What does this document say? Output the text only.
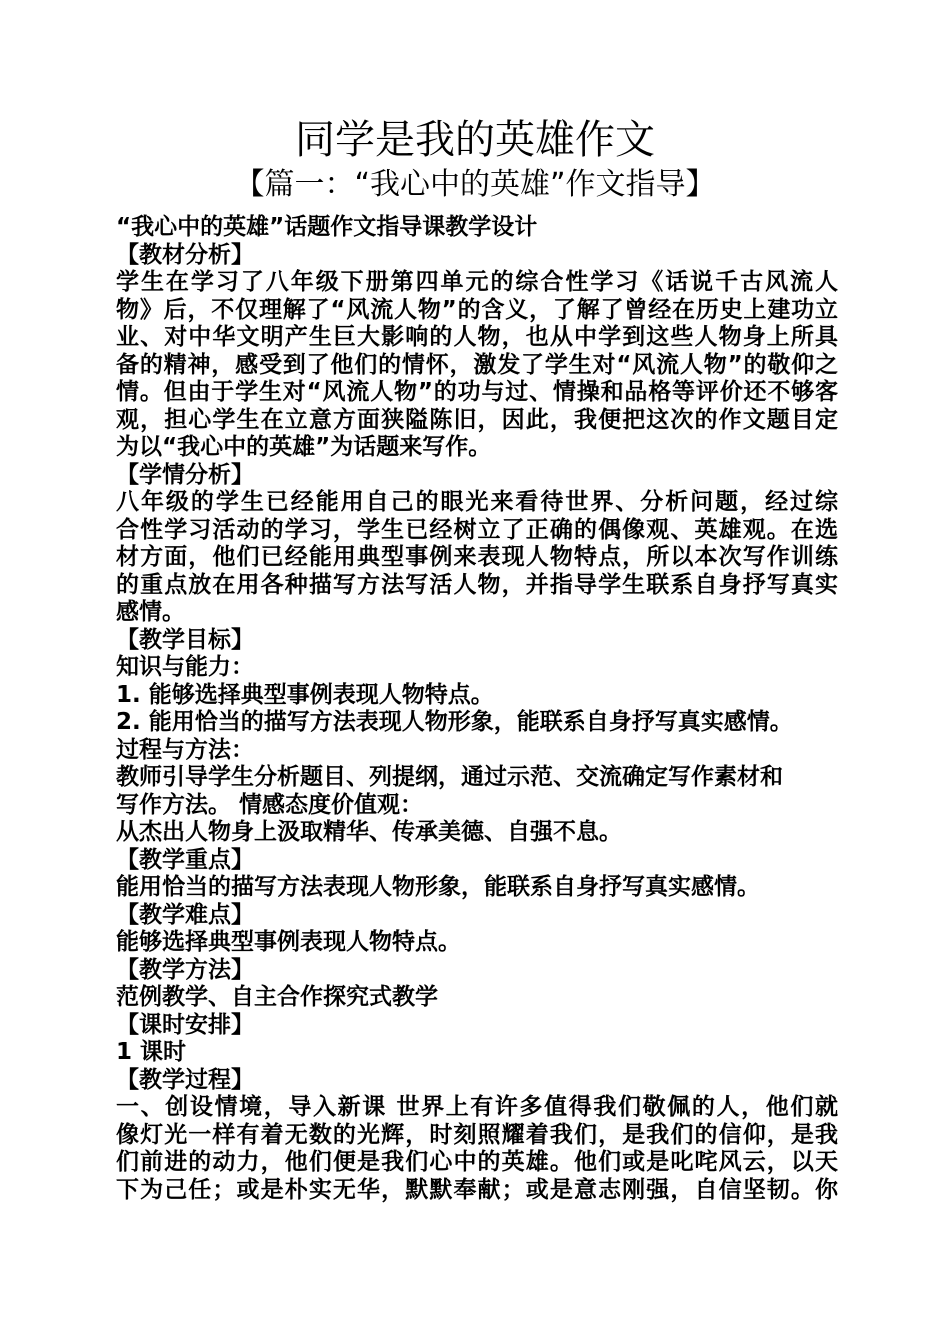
同学是我的英雄作文
【篇一：“我心中的英雄”作文指导】
“我心中的英雄”话题作文指导课教学设计
【教材分析】
学生在学习了八年级下册第四单元的综合性学习《话说千古风流人
物》后，不仅理解了“风流人物”的含义，了解了曾经在历史上建功立
业、对中华文明产生巨大影响的人物，也从中学到这些人物身上所具
备的精神，感受到了他们的情怀，激发了学生对“风流人物”的敬仰之
情。但由于学生对“风流人物”的功与过、情操和品格等评价还不够客
观，担心学生在立意方面狭隘陈旧，因此，我便把这次的作文题目定
为以“我心中的英雄”为话题来写作。
【学情分析】
八年级的学生已经能用自己的眼光来看待世界、分析问题，经过综
合性学习活动的学习，学生已经树立了正确的偶像观、英雄观。在选
材方面，他们已经能用典型事例来表现人物特点，所以本次写作训练
的重点放在用各种描写方法写活人物，并指导学生联系自身抒写真实
感情。
【教学目标】
知识与能力：
1. 能够选择典型事例表现人物特点。
2. 能用恰当的描写方法表现人物形象，能联系自身抒写真实感情。
过程与方法：
教师引导学生分析题目、列提纲，通过示范、交流确定写作素材和
写作方法。 情感态度价值观：
从杰出人物身上汲取精华、传承美德、自强不息。
【教学重点】
能用恰当的描写方法表现人物形象，能联系自身抒写真实感情。
【教学难点】
能够选择典型事例表现人物特点。
【教学方法】
范例教学、自主合作探究式教学
【课时安排】
1 课时
【教学过程】
一、创设情境，导入新课 世界上有许多值得我们敬佩的人，他们就
像灯光一样有着无数的光辉，时刻照耀着我们，是我们的信仰，是我
们前进的动力，他们便是我们心中的英雄。他们或是叱咤风云，以天
下为己任；或是朴实无华，默默奉献；或是意志刚强，自信坚韧。你
